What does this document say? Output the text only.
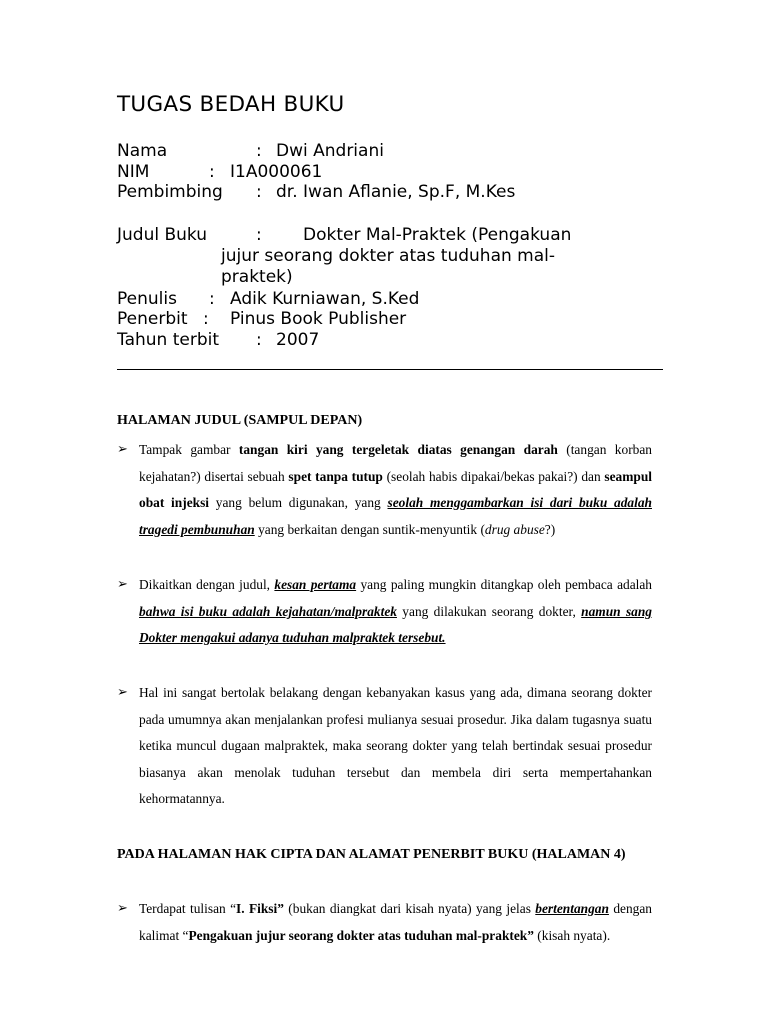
TUGAS BEDAH BUKU
Nama	: Dwi Andriani
NIM	: I1A000061
Pembimbing : dr. Iwan Aflanie, Sp.F, M.Kes
Judul Buku	: Dokter Mal-Praktek (Pengakuan
jujur seorang dokter atas tuduhan mal-
praktek)
Penulis : Adik Kurniawan, S.Ked
Penerbit : Pinus Book Publisher
Tahun terbit : 2007
HALAMAN JUDUL (SAMPUL DEPAN)
➢ Tampak gambar tangan kiri yang tergeletak diatas genangan darah (tangan korban kejahatan?) disertai sebuah spet tanpa tutup (seolah habis dipakai/bekas pakai?) dan seampul obat injeksi yang belum digunakan, yang seolah menggambarkan isi dari buku adalah tragedi pembunuhan yang berkaitan dengan suntik-menyuntik (drug abuse?)
➢ Dikaitkan dengan judul, kesan pertama yang paling mungkin ditangkap oleh pembaca adalah bahwa isi buku adalah kejahatan/malpraktek yang dilakukan seorang dokter, namun sang Dokter mengakui adanya tuduhan malpraktek tersebut.
➢ Hal ini sangat bertolak belakang dengan kebanyakan kasus yang ada, dimana seorang dokter pada umumnya akan menjalankan profesi mulianya sesuai prosedur. Jika dalam tugasnya suatu ketika muncul dugaan malpraktek, maka seorang dokter yang telah bertindak sesuai prosedur biasanya akan menolak tuduhan tersebut dan membela diri serta mempertahankan kehormatannya.
PADA HALAMAN HAK CIPTA DAN ALAMAT PENERBIT BUKU (HALAMAN 4)
➢ Terdapat tulisan “I. Fiksi” (bukan diangkat dari kisah nyata) yang jelas bertentangan dengan kalimat “Pengakuan jujur seorang dokter atas tuduhan mal-praktek” (kisah nyata).
